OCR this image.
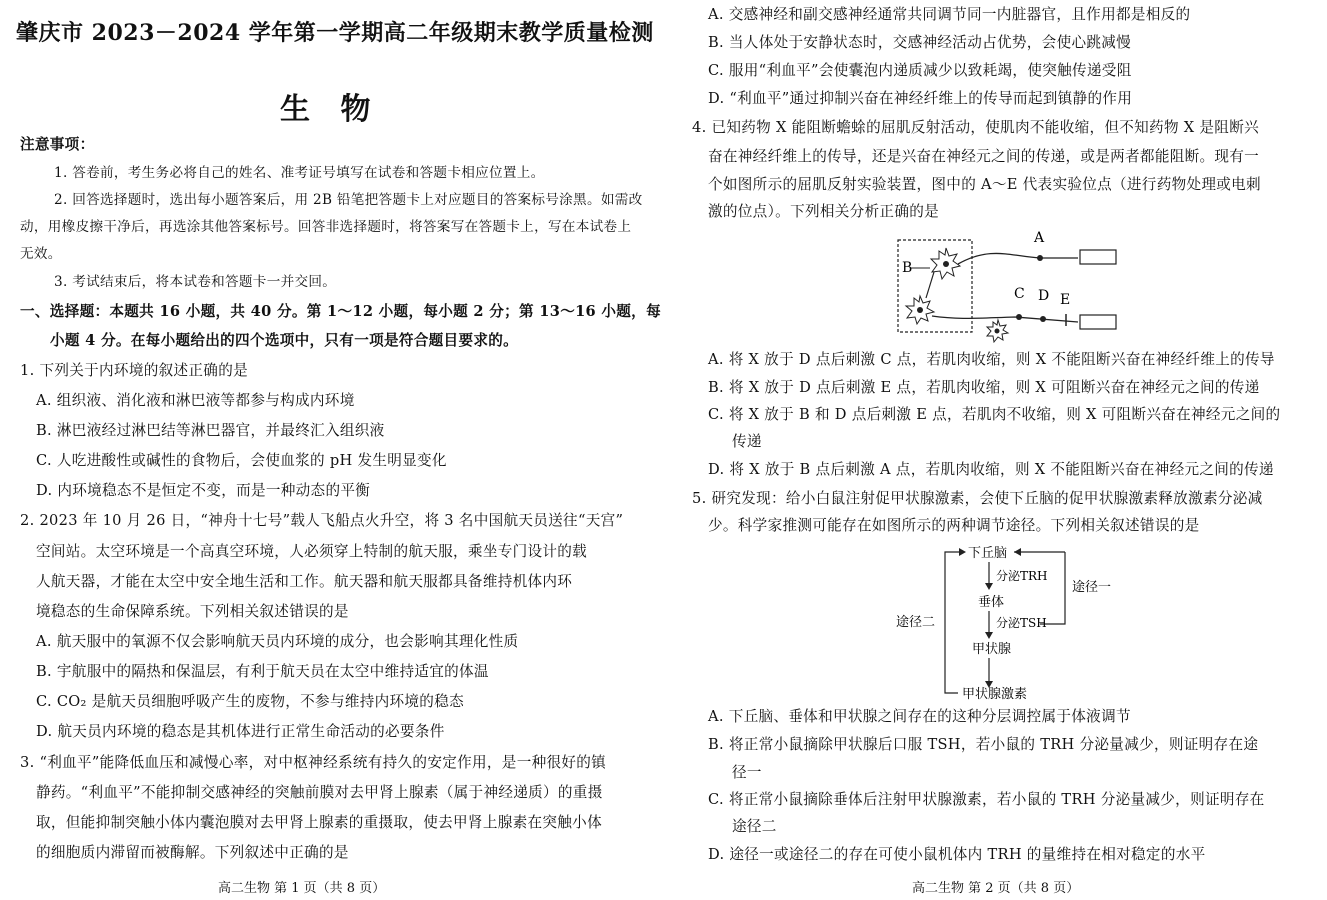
肇庆市 2023－2024 学年第一学期高二年级期末教学质量检测
生 物
注意事项：
1. 答卷前，考生务必将自己的姓名、准考证号填写在试卷和答题卡相应位置上。
2. 回答选择题时，选出每小题答案后，用 2B 铅笔把答题卡上对应题目的答案标号涂黑。如需改
动，用橡皮擦干净后，再选涂其他答案标号。回答非选择题时，将答案写在答题卡上，写在本试卷上
无效。
3. 考试结束后，将本试卷和答题卡一并交回。
一、选择题：本题共 16 小题，共 40 分。第 1～12 小题，每小题 2 分；第 13～16 小题，每
小题 4 分。在每小题给出的四个选项中，只有一项是符合题目要求的。
1. 下列关于内环境的叙述正确的是
A. 组织液、消化液和淋巴液等都参与构成内环境
B. 淋巴液经过淋巴结等淋巴器官，并最终汇入组织液
C. 人吃进酸性或碱性的食物后，会使血浆的 pH 发生明显变化
D. 内环境稳态不是恒定不变，而是一种动态的平衡
2. 2023 年 10 月 26 日，“神舟十七号”载人飞船点火升空，将 3 名中国航天员送往“天宫”
空间站。太空环境是一个高真空环境，人必须穿上特制的航天服，乘坐专门设计的载
人航天器，才能在太空中安全地生活和工作。航天器和航天服都具备维持机体内环
境稳态的生命保障系统。下列相关叙述错误的是
A. 航天服中的氧源不仅会影响航天员内环境的成分，也会影响其理化性质
B. 宇航服中的隔热和保温层，有利于航天员在太空中维持适宜的体温
C. CO₂ 是航天员细胞呼吸产生的废物，不参与维持内环境的稳态
D. 航天员内环境的稳态是其机体进行正常生命活动的必要条件
3. “利血平”能降低血压和减慢心率，对中枢神经系统有持久的安定作用，是一种很好的镇
静药。“利血平”不能抑制交感神经的突触前膜对去甲肾上腺素（属于神经递质）的重摄
取，但能抑制突触小体内囊泡膜对去甲肾上腺素的重摄取，使去甲肾上腺素在突触小体
的细胞质内滞留而被酶解。下列叙述中正确的是
高二生物 第 1 页（共 8 页）
A. 交感神经和副交感神经通常共同调节同一内脏器官，且作用都是相反的
B. 当人体处于安静状态时，交感神经活动占优势，会使心跳减慢
C. 服用“利血平”会使囊泡内递质减少以致耗竭，使突触传递受阻
D. “利血平”通过抑制兴奋在神经纤维上的传导而起到镇静的作用
4. 已知药物 X 能阻断蟾蜍的屈肌反射活动，使肌肉不能收缩，但不知药物 X 是阻断兴
奋在神经纤维上的传导，还是兴奋在神经元之间的传递，或是两者都能阻断。现有一
个如图所示的屈肌反射实验装置，图中的 A～E 代表实验位点（进行药物处理或电刺
激的位点）。下列相关分析正确的是
B
A
C D E
A. 将 X 放于 D 点后刺激 C 点，若肌肉收缩，则 X 不能阻断兴奋在神经纤维上的传导
B. 将 X 放于 D 点后刺激 E 点，若肌肉收缩，则 X 可阻断兴奋在神经元之间的传递
C. 将 X 放于 B 和 D 点后刺激 E 点，若肌肉不收缩，则 X 可阻断兴奋在神经元之间的
传递
D. 将 X 放于 B 点后刺激 A 点，若肌肉收缩，则 X 不能阻断兴奋在神经元之间的传递
5. 研究发现：给小白鼠注射促甲状腺激素，会使下丘脑的促甲状腺激素释放激素分泌减
少。科学家推测可能存在如图所示的两种调节途径。下列相关叙述错误的是
下丘脑
途径一
分泌TRH
垂体
分泌TSH
甲状腺
甲状腺激素
途径二
A. 下丘脑、垂体和甲状腺之间存在的这种分层调控属于体液调节
B. 将正常小鼠摘除甲状腺后口服 TSH，若小鼠的 TRH 分泌量减少，则证明存在途
径一
C. 将正常小鼠摘除垂体后注射甲状腺激素，若小鼠的 TRH 分泌量减少，则证明存在
途径二
D. 途径一或途径二的存在可使小鼠机体内 TRH 的量维持在相对稳定的水平
高二生物 第 2 页（共 8 页）
